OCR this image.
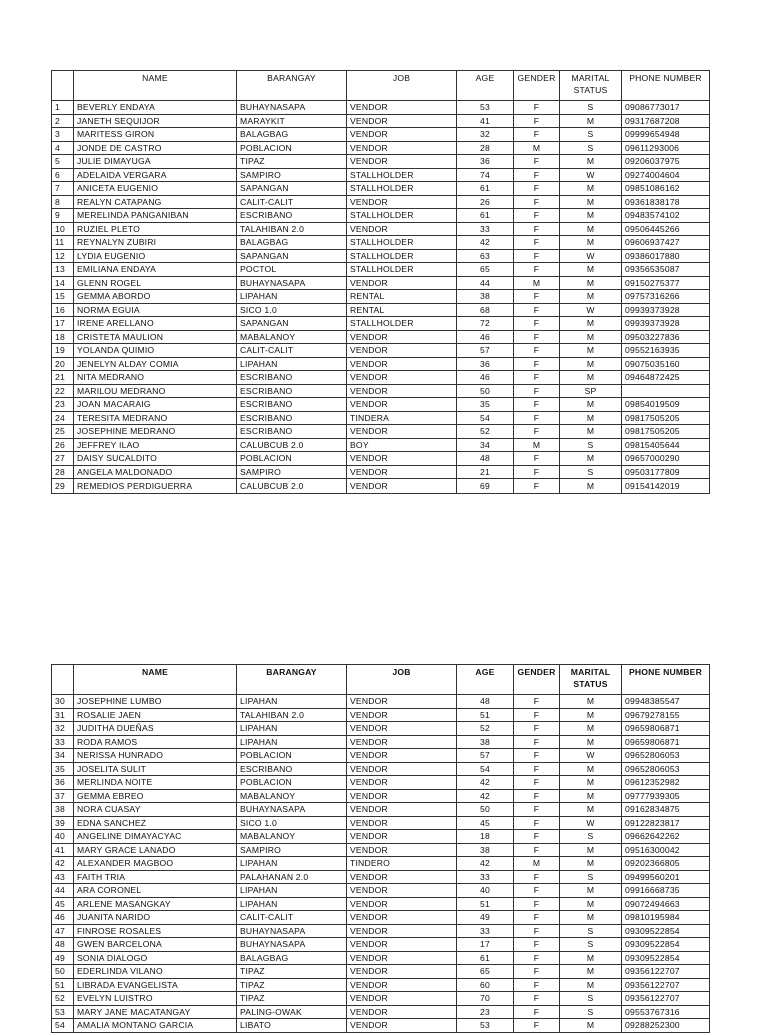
	NAME	BARANGAY	JOB	AGE	GENDER	MARITAL STATUS	PHONE NUMBER
1	BEVERLY ENDAYA	BUHAYNASAPA	VENDOR	53	F	S	09086773017
2	JANETH SEQUIJOR	MARAYKIT	VENDOR	41	F	M	09317687208
3	MARITESS GIRON	BALAGBAG	VENDOR	32	F	S	09999654948
4	JONDE DE CASTRO	POBLACION	VENDOR	28	M	S	09611293006
5	JULIE DIMAYUGA	TIPAZ	VENDOR	36	F	M	09206037975
6	ADELAIDA VERGARA	SAMPIRO	STALLHOLDER	74	F	W	09274004604
7	ANICETA EUGENIO	SAPANGAN	STALLHOLDER	61	F	M	09851086162
8	REALYN CATAPANG	CALIT-CALIT	VENDOR	26	F	M	09361838178
9	MERELINDA PANGANIBAN	ESCRIBANO	STALLHOLDER	61	F	M	09483574102
10	RUZIEL PLETO	TALAHIBAN 2.0	VENDOR	33	F	M	09506445266
11	REYNALYN ZUBIRI	BALAGBAG	STALLHOLDER	42	F	M	09606937427
12	LYDIA EUGENIO	SAPANGAN	STALLHOLDER	63	F	W	09386017880
13	EMILIANA ENDAYA	POCTOL	STALLHOLDER	65	F	M	09356535087
14	GLENN ROGEL	BUHAYNASAPA	VENDOR	44	M	M	09150275377
15	GEMMA ABORDO	LIPAHAN	RENTAL	38	F	M	09757316266
16	NORMA EGUIA	SICO 1.0	RENTAL	68	F	W	09939373928
17	IRENE ARELLANO	SAPANGAN	STALLHOLDER	72	F	M	09939373928
18	CRISTETA MAULION	MABALANOY	VENDOR	46	F	M	09503227836
19	YOLANDA QUIMIO	CALIT-CALIT	VENDOR	57	F	M	09552163935
20	JENELYN ALDAY COMIA	LIPAHAN	VENDOR	36	F	M	09075035160
21	NITA MEDRANO	ESCRIBANO	VENDOR	46	F	M	09464872425
22	MARILOU MEDRANO	ESCRIBANO	VENDOR	50	F	SP	
23	JOAN MACARAIG	ESCRIBANO	VENDOR	35	F	M	09854019509
24	TERESITA MEDRANO	ESCRIBANO	TINDERA	54	F	M	09817505205
25	JOSEPHINE MEDRANO	ESCRIBANO	VENDOR	52	F	M	09817505205
26	JEFFREY ILAO	CALUBCUB 2.0	BOY	34	M	S	09815405644
27	DAISY SUCALDITO	POBLACION	VENDOR	48	F	M	09657000290
28	ANGELA MALDONADO	SAMPIRO	VENDOR	21	F	S	09503177809
29	REMEDIOS PERDIGUERRA	CALUBCUB 2.0	VENDOR	69	F	M	09154142019
	NAME	BARANGAY	JOB	AGE	GENDER	MARITAL STATUS	PHONE NUMBER
30	JOSEPHINE LUMBO	LIPAHAN	VENDOR	48	F	M	09948385547
31	ROSALIE JAEN	TALAHIBAN 2.0	VENDOR	51	F	M	09679278155
32	JUDITHA DUEÑAS	LIPAHAN	VENDOR	52	F	M	09659806871
33	RODA RAMOS	LIPAHAN	VENDOR	38	F	M	09659806871
34	NERISSA HUNRADO	POBLACION	VENDOR	57	F	W	09652806053
35	JOSELITA SULIT	ESCRIBANO	VENDOR	54	F	M	09652806053
36	MERLINDA NOITE	POBLACION	VENDOR	42	F	M	09612352982
37	GEMMA EBREO	MABALANOY	VENDOR	42	F	M	09777939305
38	NORA CUASAY	BUHAYNASAPA	VENDOR	50	F	M	09162834875
39	EDNA SANCHEZ	SICO 1.0	VENDOR	45	F	W	09122823817
40	ANGELINE DIMAYACYAC	MABALANOY	VENDOR	18	F	S	09662642262
41	MARY GRACE LANADO	SAMPIRO	VENDOR	38	F	M	09516300042
42	ALEXANDER MAGBOO	LIPAHAN	TINDERO	42	M	M	09202366805
43	FAITH TRIA	PALAHANAN 2.0	VENDOR	33	F	S	09499560201
44	ARA CORONEL	LIPAHAN	VENDOR	40	F	M	09916668735
45	ARLENE MASANGKAY	LIPAHAN	VENDOR	51	F	M	09072494663
46	JUANITA NARIDO	CALIT-CALIT	VENDOR	49	F	M	09810195984
47	FINROSE ROSALES	BUHAYNASAPA	VENDOR	33	F	S	09309522854
48	GWEN BARCELONA	BUHAYNASAPA	VENDOR	17	F	S	09309522854
49	SONIA DIALOGO	BALAGBAG	VENDOR	61	F	M	09309522854
50	EDERLINDA VILANO	TIPAZ	VENDOR	65	F	M	09356122707
51	LIBRADA EVANGELISTA	TIPAZ	VENDOR	60	F	M	09356122707
52	EVELYN LUISTRO	TIPAZ	VENDOR	70	F	S	09356122707
53	MARY JANE MACATANGAY	PALING-OWAK	VENDOR	23	F	S	09553767316
54	AMALIA MONTANO GARCIA	LIBATO	VENDOR	53	F	M	09288252300
